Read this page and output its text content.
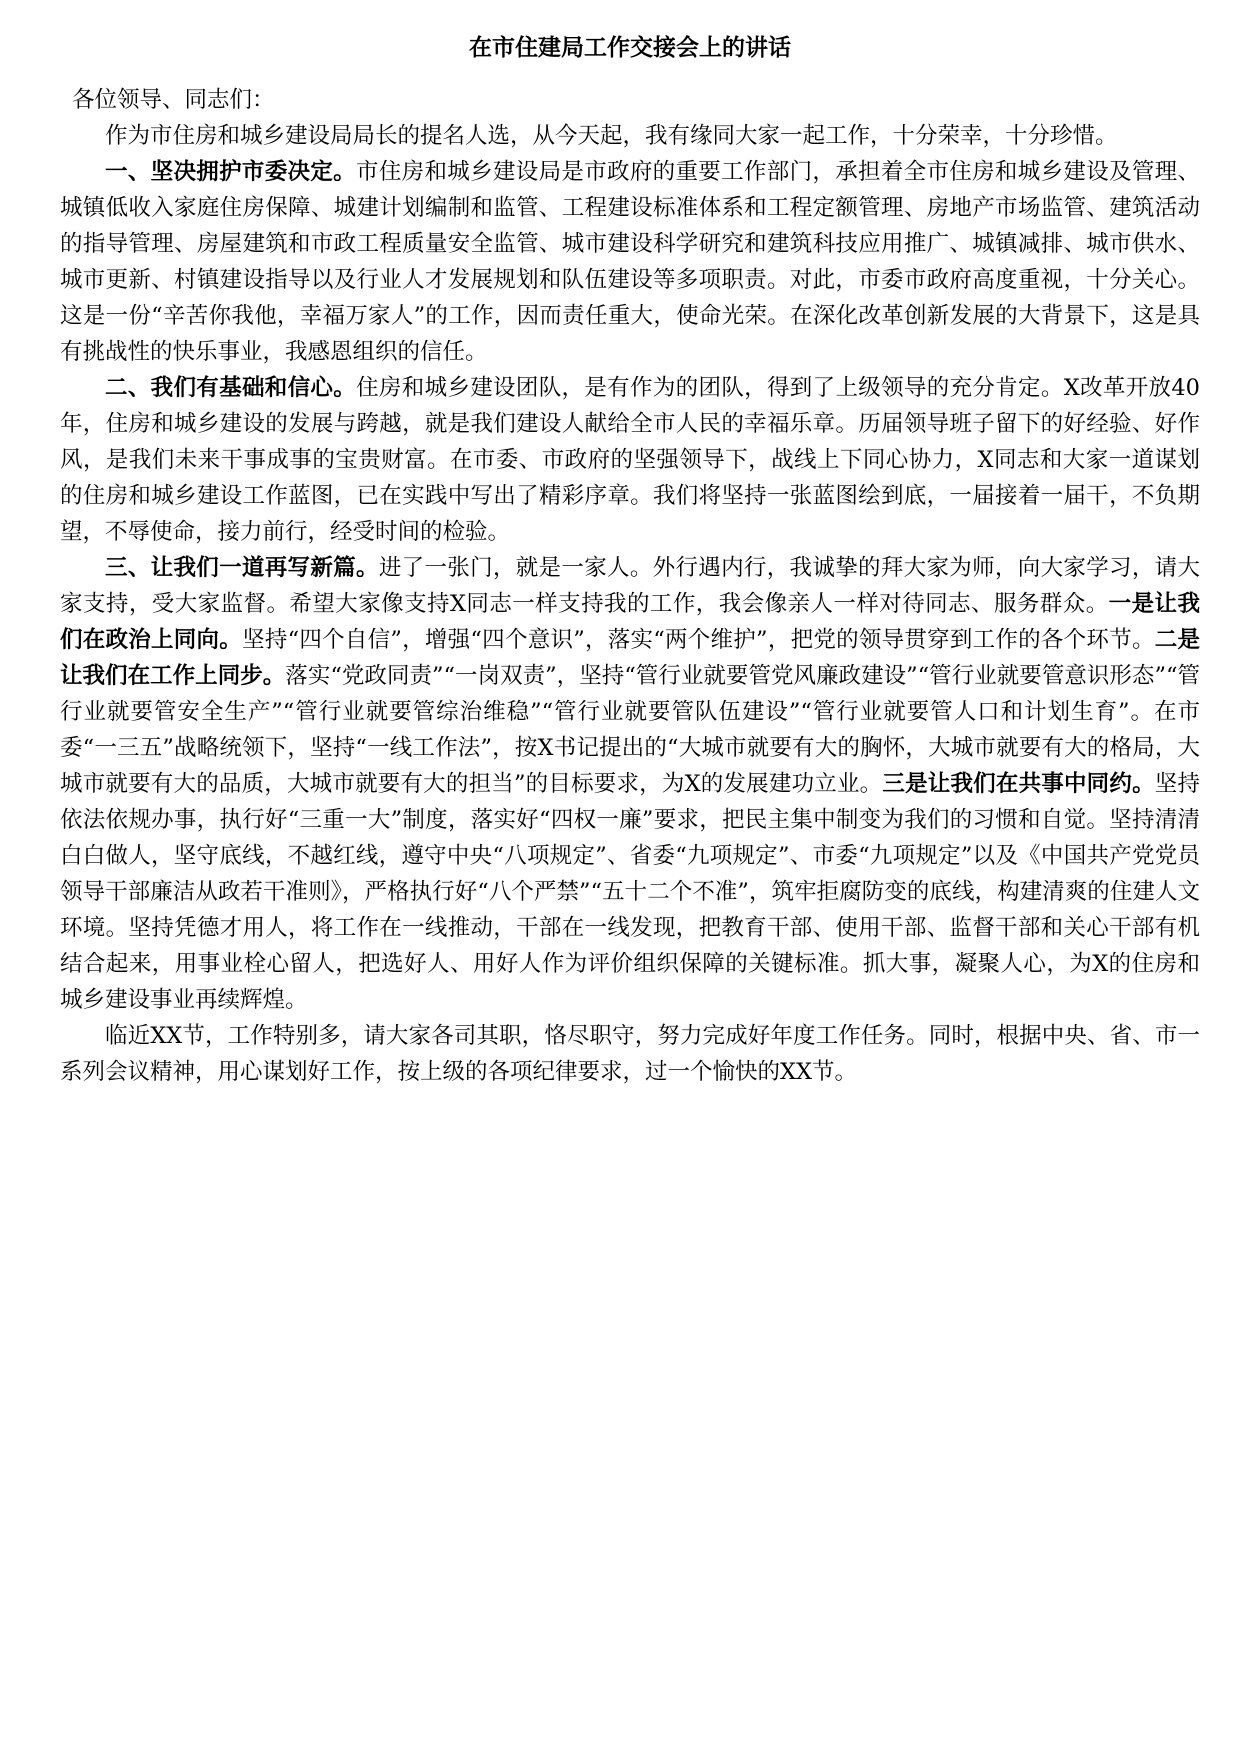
在市住建局工作交接会上的讲话

各位领导、同志们：

作为市住房和城乡建设局局长的提名人选，从今天起，我有缘同大家一起工作，十分荣幸，十分珍惜。

一、坚决拥护市委决定。市住房和城乡建设局是市政府的重要工作部门，承担着全市住房和城乡建设及管理、城镇低收入家庭住房保障、城建计划编制和监管、工程建设标准体系和工程定额管理、房地产市场监管、建筑活动的指导管理、房屋建筑和市政工程质量安全监管、城市建设科学研究和建筑科技应用推广、城镇减排、城市供水、城市更新、村镇建设指导以及行业人才发展规划和队伍建设等多项职责。对此，市委市政府高度重视，十分关心。这是一份“辛苦你我他，幸福万家人”的工作，因而责任重大，使命光荣。在深化改革创新发展的大背景下，这是具有挑战性的快乐事业，我感恩组织的信任。

二、我们有基础和信心。住房和城乡建设团队，是有作为的团队，得到了上级领导的充分肯定。X改革开放40年，住房和城乡建设的发展与跨越，就是我们建设人献给全市人民的幸福乐章。历届领导班子留下的好经验、好作风，是我们未来干事成事的宝贵财富。在市委、市政府的坚强领导下，战线上下同心协力，X同志和大家一道谋划的住房和城乡建设工作蓝图，已在实践中写出了精彩序章。我们将坚持一张蓝图绘到底，一届接着一届干，不负期望，不辱使命，接力前行，经受时间的检验。

三、让我们一道再写新篇。进了一张门，就是一家人。外行遇内行，我诚挚的拜大家为师，向大家学习，请大家支持，受大家监督。希望大家像支持X同志一样支持我的工作，我会像亲人一样对待同志、服务群众。一是让我们在政治上同向。坚持“四个自信”，增强“四个意识”，落实“两个维护”，把党的领导贯穿到工作的各个环节。二是让我们在工作上同步。落实“党政同责”“一岗双责”，坚持“管行业就要管党风廉政建设”“管行业就要管意识形态”“管行业就要管安全生产”“管行业就要管综治维稳”“管行业就要管队伍建设”“管行业就要管人口和计划生育”。在市委“一三五”战略统领下，坚持“一线工作法”，按X书记提出的“大城市就要有大的胸怀，大城市就要有大的格局，大城市就要有大的品质，大城市就要有大的担当”的目标要求，为X的发展建功立业。三是让我们在共事中同约。坚持依法依规办事，执行好“三重一大”制度，落实好“四权一廉”要求，把民主集中制变为我们的习惯和自觉。坚持清清白白做人，坚守底线，不越红线，遵守中央“八项规定”、省委“九项规定”、市委“九项规定”以及《中国共产党党员领导干部廉洁从政若干准则》，严格执行好“八个严禁”“五十二个不准”，筑牢拒腐防变的底线，构建清爽的住建人文环境。坚持凭德才用人，将工作在一线推动，干部在一线发现，把教育干部、使用干部、监督干部和关心干部有机结合起来，用事业栓心留人，把选好人、用好人作为评价组织保障的关键标准。抓大事，凝聚人心，为X的住房和城乡建设事业再续辉煌。

临近XX节，工作特别多，请大家各司其职，恪尽职守，努力完成好年度工作任务。同时，根据中央、省、市一系列会议精神，用心谋划好工作，按上级的各项纪律要求，过一个愉快的XX节。
